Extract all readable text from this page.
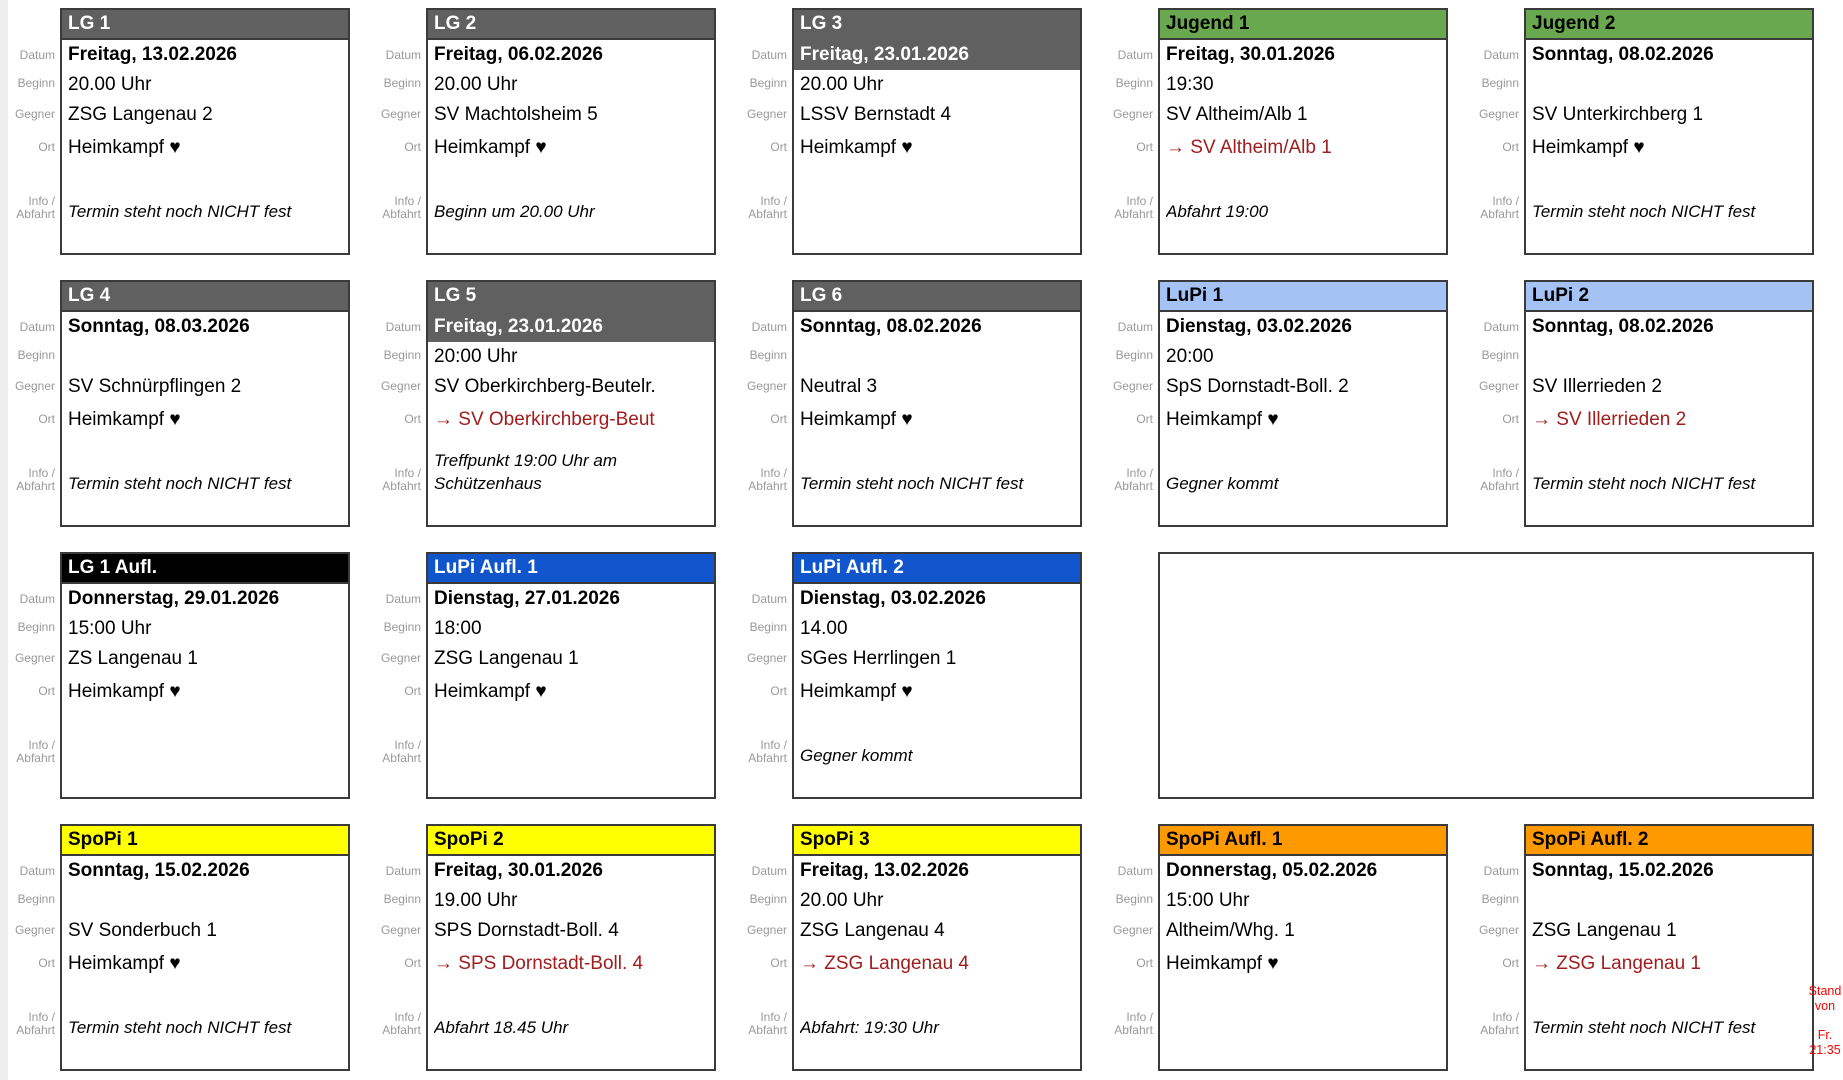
Datum
Beginn
Gegner
Ort
Info /
Abfahrt
LG 1
Freitag, 13.02.2026
20.00 Uhr
ZSG Langenau 2
Heimkampf ♥
Termin steht noch NICHT fest
Datum
Beginn
Gegner
Ort
Info /
Abfahrt
LG 2
Freitag, 06.02.2026
20.00 Uhr
SV Machtolsheim 5
Heimkampf ♥
Beginn um 20.00 Uhr
Datum
Beginn
Gegner
Ort
Info /
Abfahrt
LG 3
Freitag, 23.01.2026
20.00 Uhr
LSSV Bernstadt 4
Heimkampf ♥
Datum
Beginn
Gegner
Ort
Info /
Abfahrt
Jugend 1
Freitag, 30.01.2026
19:30
SV Altheim/Alb 1
→ SV Altheim/Alb 1
Abfahrt 19:00
Datum
Beginn
Gegner
Ort
Info /
Abfahrt
Jugend 2
Sonntag, 08.02.2026
SV Unterkirchberg 1
Heimkampf ♥
Termin steht noch NICHT fest
Datum
Beginn
Gegner
Ort
Info /
Abfahrt
LG 4
Sonntag, 08.03.2026
SV Schnürpflingen 2
Heimkampf ♥
Termin steht noch NICHT fest
Datum
Beginn
Gegner
Ort
Info /
Abfahrt
LG 5
Freitag, 23.01.2026
20:00 Uhr
SV Oberkirchberg-Beutelr.
→ SV Oberkirchberg-Beut
Treffpunkt 19:00 Uhr am Schützenhaus
Datum
Beginn
Gegner
Ort
Info /
Abfahrt
LG 6
Sonntag, 08.02.2026
Neutral 3
Heimkampf ♥
Termin steht noch NICHT fest
Datum
Beginn
Gegner
Ort
Info /
Abfahrt
LuPi 1
Dienstag, 03.02.2026
20:00
SpS Dornstadt-Boll. 2
Heimkampf ♥
Gegner kommt
Datum
Beginn
Gegner
Ort
Info /
Abfahrt
LuPi 2
Sonntag, 08.02.2026
SV Illerrieden 2
→ SV Illerrieden 2
Termin steht noch NICHT fest
Datum
Beginn
Gegner
Ort
Info /
Abfahrt
LG 1 Aufl.
Donnerstag, 29.01.2026
15:00 Uhr
ZS Langenau 1
Heimkampf ♥
Datum
Beginn
Gegner
Ort
Info /
Abfahrt
LuPi Aufl. 1
Dienstag, 27.01.2026
18:00
ZSG Langenau 1
Heimkampf ♥
Datum
Beginn
Gegner
Ort
Info /
Abfahrt
LuPi Aufl. 2
Dienstag, 03.02.2026
14.00
SGes Herrlingen 1
Heimkampf ♥
Gegner kommt
Datum
Beginn
Gegner
Ort
Info /
Abfahrt
SpoPi 1
Sonntag, 15.02.2026
SV Sonderbuch 1
Heimkampf ♥
Termin steht noch NICHT fest
Datum
Beginn
Gegner
Ort
Info /
Abfahrt
SpoPi 2
Freitag, 30.01.2026
19.00 Uhr
SPS Dornstadt-Boll. 4
→ SPS Dornstadt-Boll. 4
Abfahrt 18.45 Uhr
Datum
Beginn
Gegner
Ort
Info /
Abfahrt
SpoPi 3
Freitag, 13.02.2026
20.00 Uhr
ZSG Langenau 4
→ ZSG Langenau 4
Abfahrt: 19:30 Uhr
Datum
Beginn
Gegner
Ort
Info /
Abfahrt
SpoPi Aufl. 1
Donnerstag, 05.02.2026
15:00 Uhr
Altheim/Whg. 1
Heimkampf ♥
Datum
Beginn
Gegner
Ort
Info /
Abfahrt
SpoPi Aufl. 2
Sonntag, 15.02.2026
ZSG Langenau 1
→ ZSG Langenau 1
Termin steht noch NICHT fest
Stand
von
Fr.
21:35
